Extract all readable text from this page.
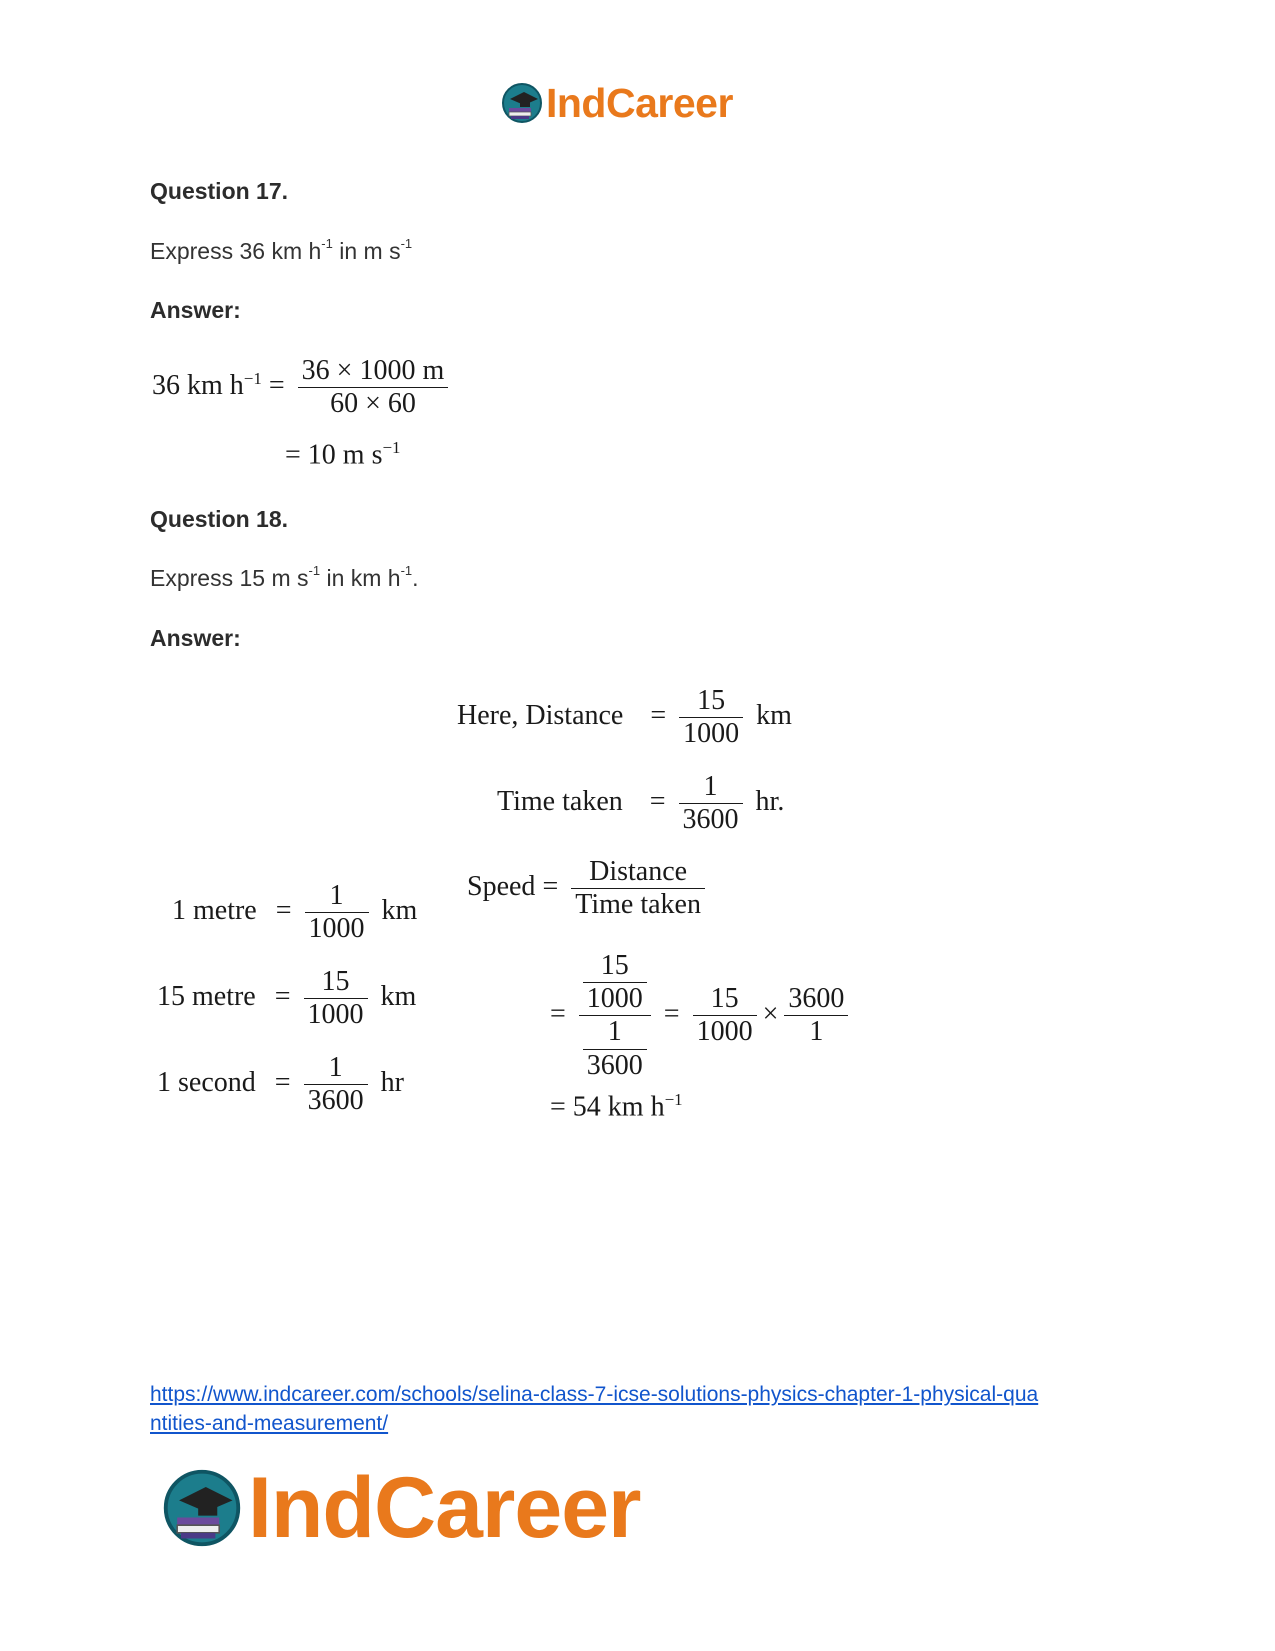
IndCareer
Question 17.
Express 36 km $h^{-1}$ in m $s^{-1}$
Answer:
36 km $h^{-1} = \frac{36 \times 1000 m}{60 \times 60}$
= 10 m $s^{-1}$
Question 18.
Express 15 m $s^{-1}$ in km $h^{-1}$.
Answer:
Here, Distance = $\frac{15}{1000}$ km
Time taken = $\frac{1}{3600}$ hr.
Speed = $\frac{\text{Distance}}{\text{Time taken}}$
= $\frac{\frac{15}{1000}}{\frac{1}{3600}} = \frac{15}{1000} \times \frac{3600}{1}$
= 54 km $h^{-1}$
1 metre = $\frac{1}{1000}$ km
15 metre = $\frac{15}{1000}$ km
1 second = $\frac{1}{3600}$ hr
https://www.indcareer.com/schools/selina-class-7-icse-solutions-physics-chapter-1-physical-qua
ntities-and-measurement/
IndCareer
